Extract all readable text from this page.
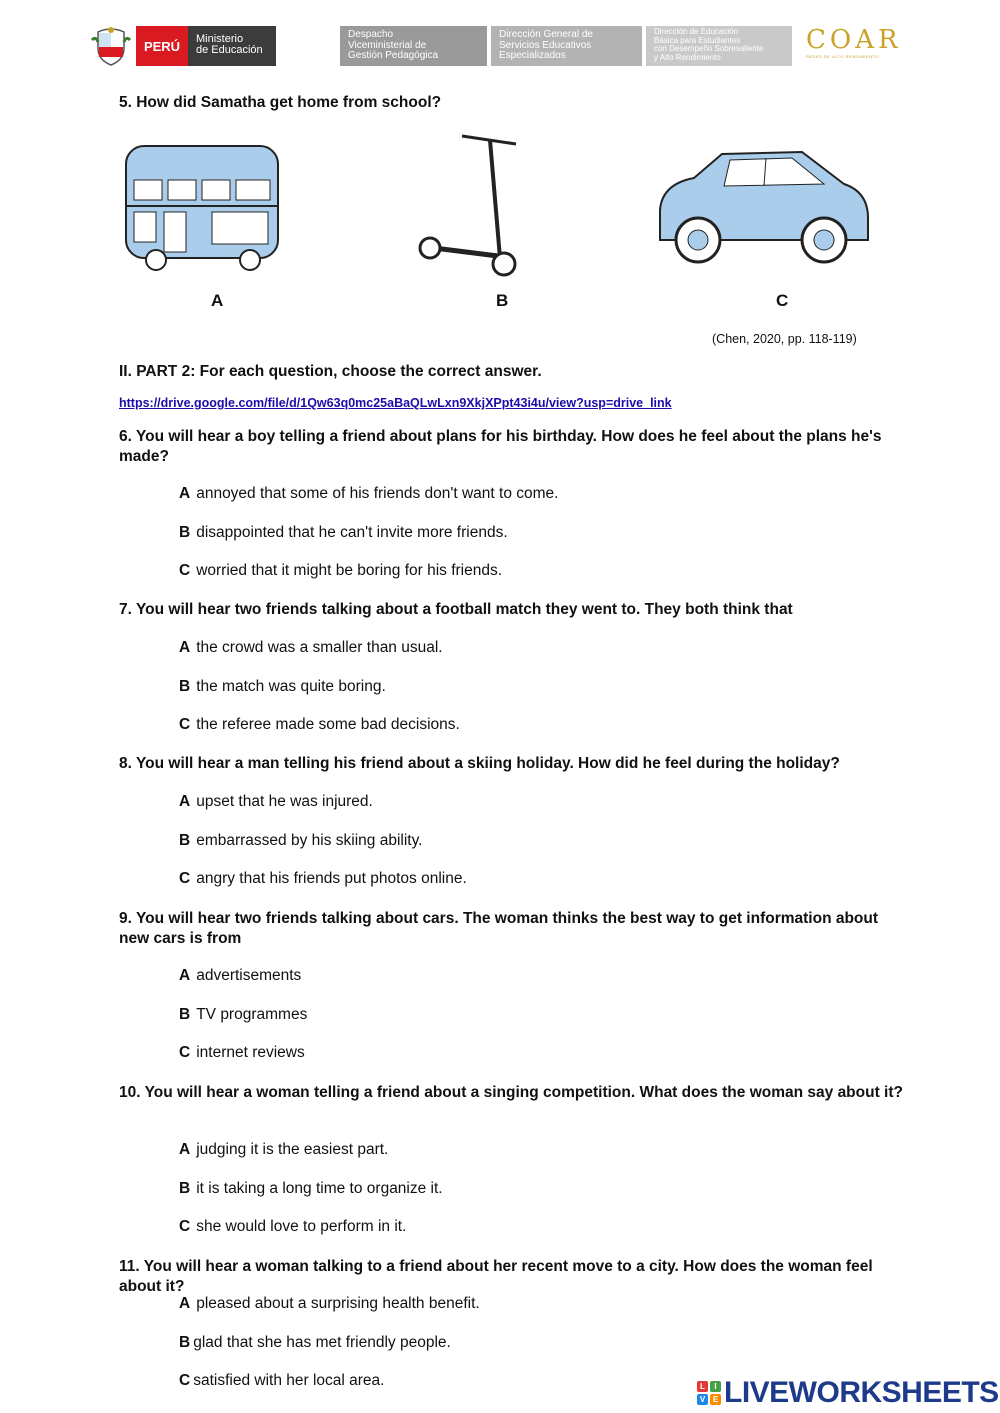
PERÚ	Ministerio
de Educación
Despacho
Viceministerial de
Gestión Pedagógica
Dirección General de
Servicios Educativos
Especializados
Dirección de Educación
Básica para Estudiantes
con Desempeño Sobresaliente
y Alto Rendimiento
COAR
REDES DE ALTO RENDIMIENTO
5. How did Samatha get home from school?
A	B	C
(Chen, 2020, pp. 118-119)
II. PART 2: For each question, choose the correct answer.
https://drive.google.com/file/d/1Qw63q0mc25aBaQLwLxn9XkjXPpt43i4u/view?usp=drive_link
6. You will hear a boy telling a friend about plans for his birthday. How does he feel about the plans he's made?
A annoyed that some of his friends don't want to come.
B disappointed that he can't invite more friends.
C worried that it might be boring for his friends.
7. You will hear two friends talking about a football match they went to. They both think that
A the crowd was a smaller than usual.
B the match was quite boring.
C the referee made some bad decisions.
8. You will hear a man telling his friend about a skiing holiday. How did he feel during the holiday?
A upset that he was injured.
B embarrassed by his skiing ability.
C angry that his friends put photos online.
9. You will hear two friends talking about cars. The woman thinks the best way to get information about new cars is from
A advertisements
B TV programmes
C internet reviews
10. You will hear a woman telling a friend about a singing competition. What does the woman say about it?
A judging it is the easiest part.
B it is taking a long time to organize it.
C she would love to perform in it.
11. You will hear a woman talking to a friend about her recent move to a city. How does the woman feel about it?
A pleased about a surprising health benefit.
B glad that she has met friendly people.
C satisfied with her local area.	L	I
V E LIVEWORKSHEETS
